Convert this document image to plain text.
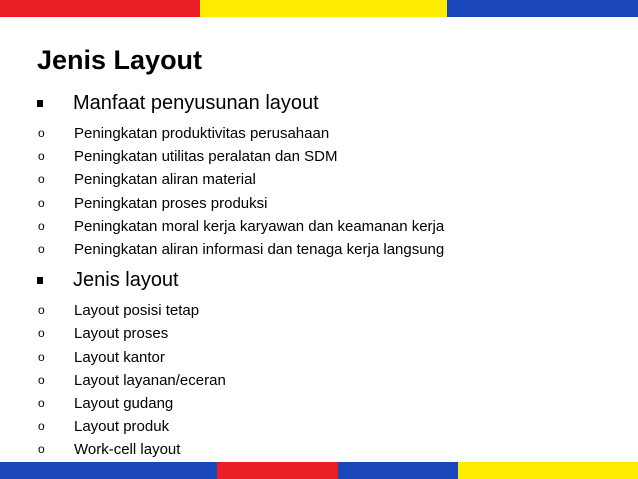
Jenis Layout
Manfaat penyusunan layout
o Peningkatan produktivitas perusahaan
o Peningkatan utilitas peralatan dan SDM
o Peningkatan aliran material
o Peningkatan proses produksi
o Peningkatan moral kerja karyawan dan keamanan kerja
o Peningkatan aliran informasi dan tenaga kerja langsung
Jenis layout
o Layout posisi tetap
o Layout proses
o Layout kantor
o Layout layanan/eceran
o Layout gudang
o Layout produk
o Work-cell layout
